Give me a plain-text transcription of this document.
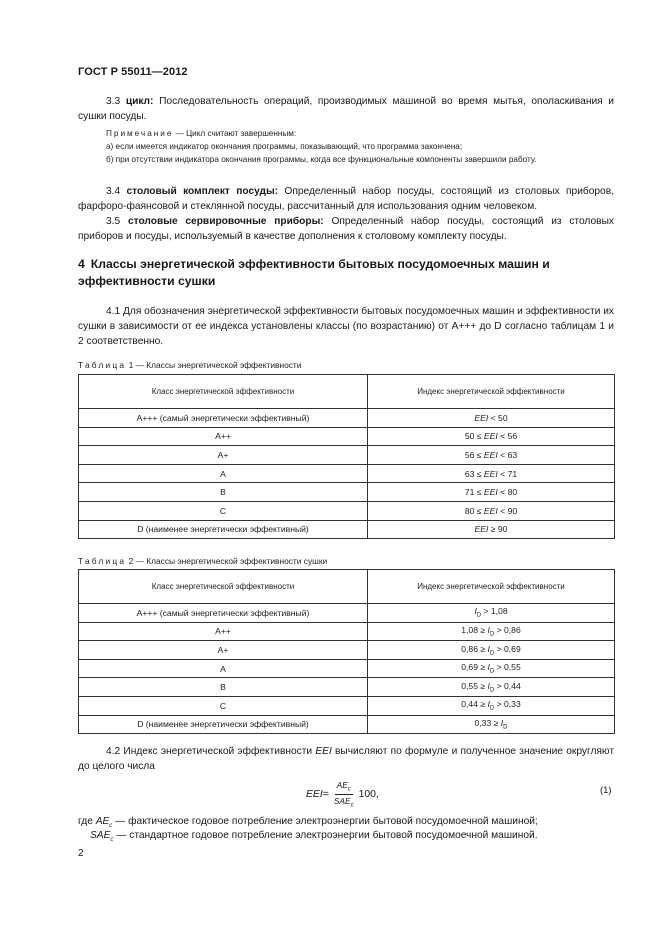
ГОСТ Р 55011—2012
3.3 цикл: Последовательность операций, производимых машиной во время мытья, ополаскивания и сушки посуды.
Примечание — Цикл считают завершенным:
а) если имеется индикатор окончания программы, показывающий, что программа закончена;
б) при отсутствии индикатора окончания программы, когда все функциональные компоненты завершили работу.
3.4 столовый комплект посуды: Определенный набор посуды, состоящий из столовых приборов, фарфоро-фаянсовой и стеклянной посуды, рассчитанный для использования одним человеком.
3.5 столовые сервировочные приборы: Определенный набор посуды, состоящий из столовых приборов и посуды, используемый в качестве дополнения к столовому комплекту посуды.
4 Классы энергетической эффективности бытовых посудомоечных машин и эффективности сушки
4.1 Для обозначения энергетической эффективности бытовых посудомоечных машин и эффективности их сушки в зависимости от ее индекса установлены классы (по возрастанию) от А+++ до D согласно таблицам 1 и 2 соответственно.
Таблица 1 — Классы энергетической эффективности
Класс энергетической эффективности	Индекс энергетической эффективности
А+++ (самый энергетически эффективный)	EEI < 50
А++	50 ≤ EEI < 56
А+	56 ≤ EEI < 63
А	63 ≤ EEI < 71
В	71 ≤ EEI < 80
С	80 ≤ EEI < 90
D (наименее энергетически эффективный)	EEI ≥ 90
Таблица 2 — Классы энергетической эффективности сушки
Класс энергетической эффективности	Индекс энергетической эффективности
А+++ (самый энергетически эффективный)	$I_D > 1,08$
А++	$1,08 \ge I_D > 0,86$
А+	$0,86 \ge I_D > 0,69$
А	$0,69 \ge I_D > 0,55$
В	$0,55 \ge I_D > 0,44$
С	$0,44 \ge I_D > 0,33$
D (наименее энергетически эффективный)	$0,33 \ge I_D$
4.2 Индекс энергетической эффективности EEI вычисляют по формуле и полученное значение округляют до целого числа
EEI = $\frac{AE_c}{SAE_c} 100$,	(1)
где $AE_c$ — фактическое годовое потребление электроэнергии бытовой посудомоечной машиной;
$SAE_c$ — стандартное годовое потребление электроэнергии бытовой посудомоечной машиной.
2
